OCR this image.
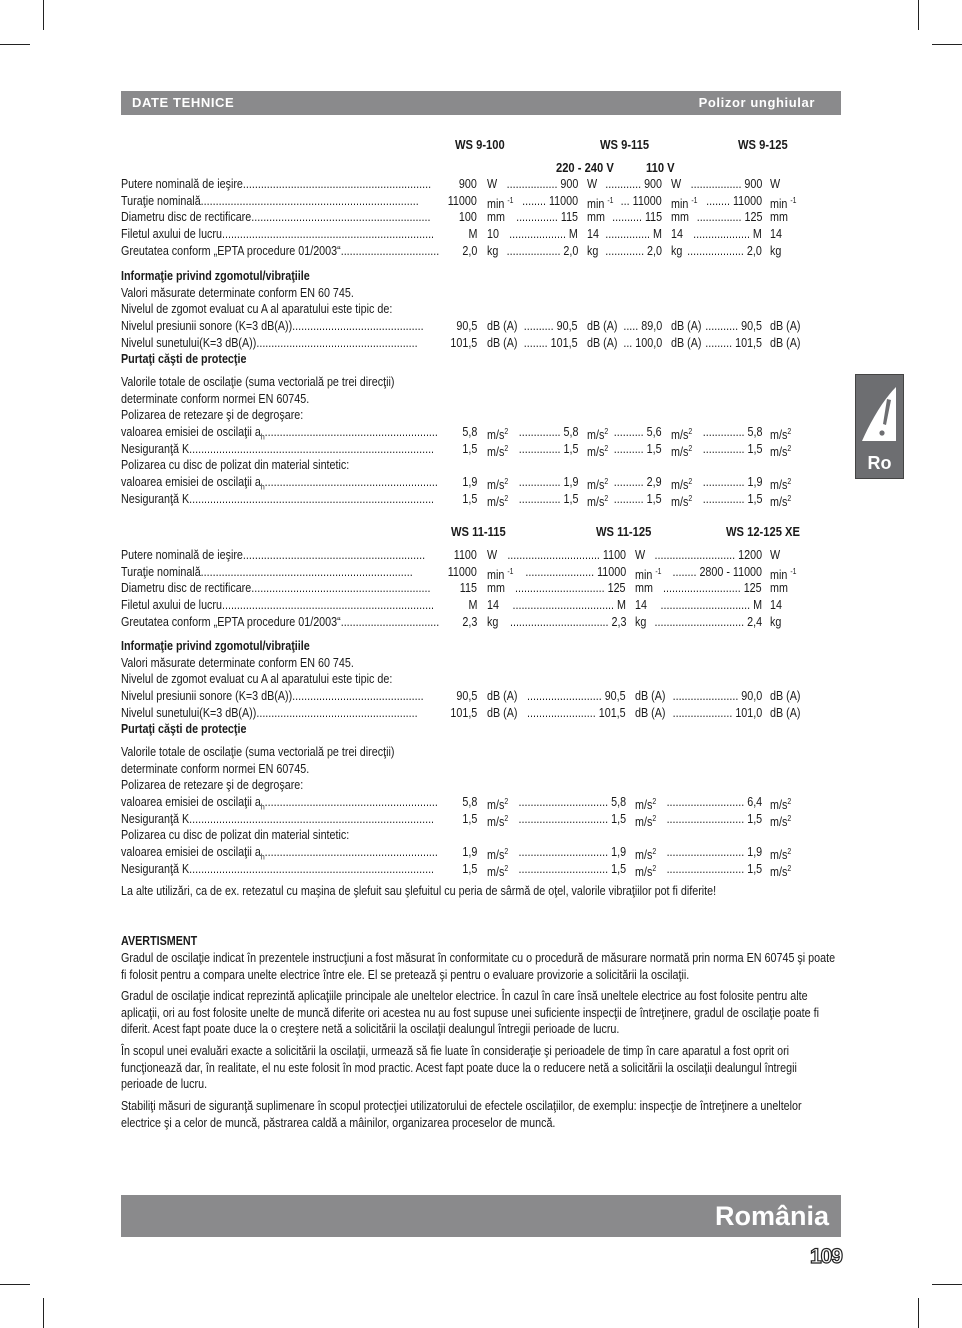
DATE TEHNICE	Polizor unghiular
Ro
WS 9-100	WS 9-115	WS 9-125
220 - 240 V 110 V
Putere nominală de ieşire............................................................... 900 W ................. 900 W ............ 900 W ................. 900 W
Turaţie nominală......................................................................... 11000 min $^{-1}$ ........ 11000 min $^{-1}$ ... 11000 min $^{-1}$ ........ 11000 min $^{-1}$
Diametru disc de rectificare............................................................ 100 mm .............. 115 mm .......... 115 mm ............... 125 mm
Filetul axului de lucru.......................................................................	M 10 ................... M 14 ............... M 14 ................... M 14
Greutatea conform „EPTA procedure 01/2003“................................. 2,0 kg .................. 2,0 kg ............. 2,0 kg ................... 2,0 kg
Informaţie privind zgomotul/vibraţiile
Valori măsurate determinate conform EN 60 745.
Nivelul de zgomot evaluat cu A al aparatului este tipic de:
Nivelul presiunii sonore (K=3 dB(A))............................................	90,5 dB (A) .......... 90,5 dB (A) ..... 89,0 dB (A) ........... 90,5 dB (A)
Nivelul sunetului(K=3 dB(A))......................................................	101,5 dB (A) ........ 101,5 dB (A) ... 100,0 dB (A) ......... 101,5 dB (A)
Purtaţi căşti de protecţie
Valorile totale de oscilaţie (suma vectorială pe trei direcţii)
determinate conform normei EN 60745.
Polizarea de retezare şi de degroşare:
valoarea emisiei de oscilaţii $a_h$.......................................................... 5,8 $m/s^2$ .............. 5,8 $m/s^2$ .......... 5,6 $m/s^2$ .............. 5,8 $m/s^2$
Nesiguranţă K.................................................................................. 1,5 $m/s^2$ .............. 1,5 $m/s^2$ .......... 1,5 $m/s^2$ .............. 1,5 $m/s^2$
Polizarea cu disc de polizat din material sintetic:
valoarea emisiei de oscilaţii $a_h$.......................................................... 1,9 $m/s^2$ .............. 1,9 $m/s^2$ .......... 2,9 $m/s^2$ .............. 1,9 $m/s^2$
Nesiguranţă K.................................................................................. 1,5 $m/s^2$ .............. 1,5 $m/s^2$ .......... 1,5 $m/s^2$ .............. 1,5 $m/s^2$
WS 11-115	WS 11-125	WS 12-125 XE
Putere nominală de ieşire............................................................. 1100 W ............................... 1100 W ........................... 1200 W
Turaţie nominală.......................................................................	11000 min $^{-1}$ ....................... 11000 min $^{-1}$ ........ 2800 - 11000 min $^{-1}$
Diametru disc de rectificare............................................................ 115 mm .............................. 125 mm .......................... 125 mm
Filetul axului de lucru.......................................................................	M 14 .................................. M 14 .............................. M 14
Greutatea conform „EPTA procedure 01/2003“................................. 2,3 kg ................................. 2,3 kg .............................. 2,4 kg
Informaţie privind zgomotul/vibraţiile
Valori măsurate determinate conform EN 60 745.
Nivelul de zgomot evaluat cu A al aparatului este tipic de:
Nivelul presiunii sonore (K=3 dB(A))............................................	90,5 dB (A) ......................... 90,5 dB (A) ...................... 90,0 dB (A)
Nivelul sunetului(K=3 dB(A))......................................................	101,5 dB (A) ....................... 101,5 dB (A) .................... 101,0 dB (A)
Purtaţi căşti de protecţie
Valorile totale de oscilaţie (suma vectorială pe trei direcţii)
determinate conform normei EN 60745.
Polizarea de retezare şi de degroşare:
valoarea emisiei de oscilaţii $a_h$.......................................................... 5,8 $m/s^2$ .............................. 5,8 $m/s^2$ .......................... 6,4 $m/s^2$
Nesiguranţă K.................................................................................. 1,5 $m/s^2$ .............................. 1,5 $m/s^2$ .......................... 1,5 $m/s^2$
Polizarea cu disc de polizat din material sintetic:
valoarea emisiei de oscilaţii $a_h$.......................................................... 1,9 $m/s^2$ .............................. 1,9 $m/s^2$ .......................... 1,9 $m/s^2$
Nesiguranţă K.................................................................................. 1,5 $m/s^2$ .............................. 1,5 $m/s^2$ .......................... 1,5 $m/s^2$
La alte utilizări, ca de ex. retezatul cu maşina de şlefuit sau şlefuitul cu peria de sârmă de oţel, valorile vibraţiilor pot fi diferite!
AVERTISMENT

Gradul de oscilaţie indicat în prezentele instrucţiuni a fost măsurat în conformitate cu o procedură de măsurare normată prin norma EN 60745 şi poate fi folosit pentru a compara unelte electrice între ele. El se pretează şi pentru o evaluare provizorie a solicitării la oscilaţii.

Gradul de oscilaţie indicat reprezintă aplicaţiile principale ale uneltelor electrice. În cazul în care însă uneltele electrice au fost folosite pentru alte aplicaţii, ori au fost folosite unelte de muncă diferite ori acestea nu au fost supuse unei suficiente inspecţii de întreţinere, gradul de oscilaţie poate fi diferit. Acest fapt poate duce la o creştere netă a solicitării la oscilaţii dealungul întregii perioade de lucru.

În scopul unei evaluări exacte a solicitării la oscilaţii, urmează să fie luate în consideraţie şi perioadele de timp în care aparatul a fost oprit ori funcţionează dar, în realitate, el nu este folosit în mod practic. Acest fapt poate duce la o reducere netă a solicitării la oscilaţii dealungul întregii perioade de lucru.

Stabiliţi măsuri de siguranţă suplimenare în scopul protecţiei utilizatorului de efectele oscilaţiilor, de exemplu: inspecţie de întreţinere a uneltelor electrice şi a celor de muncă, păstrarea caldă a mâinilor, organizarea proceselor de muncă.

România
109
